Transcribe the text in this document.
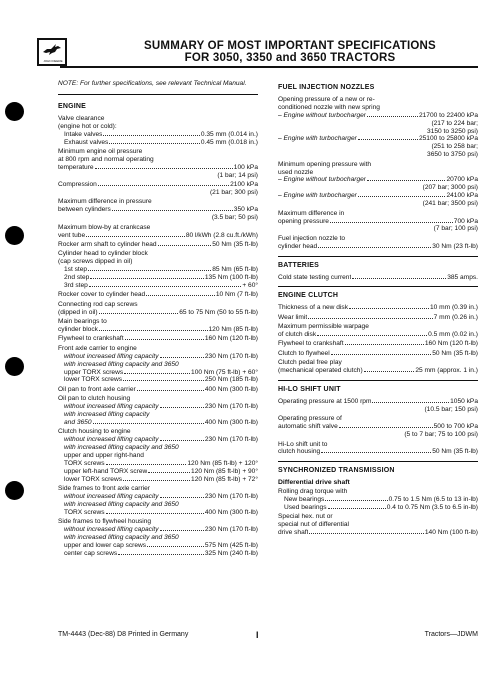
JOHN DEERE
SUMMARY OF MOST IMPORTANT SPECIFICATIONS
FOR 3050, 3350 and 3650 TRACTORS
NOTE: For further specifications, see relevant Technical Manual.
ENGINE
Valve clearance
(engine hot or cold):
Intake valves	0.35 mm (0.014 in.)
Exhaust valves	0.45 mm (0.018 in.)
Minimum engine oil pressure
at 800 rpm and normal operating
temperature	100 kPa
(1 bar; 14 psi)
Compression	2100 kPa
(21 bar; 300 psi)
Maximum difference in pressure
between cylinders	350 kPa
(3.5 bar; 50 psi)
Maximum blow-by at crankcase
vent tube	80 l/kWh (2.8 cu.ft./kWh)
Rocker arm shaft to cylinder head	50 Nm (35 ft-lb)
Cylinder head to cylinder block
(cap screws dipped in oil)
1st step	85 Nm (65 ft-lb)
2nd step	135 Nm (100 ft-lb)
3rd step	+ 60°
Rocker cover to cylinder head	10 Nm (7 ft-lb)
Connecting rod cap screws
(dipped in oil)	65 to 75 Nm (50 to 55 ft-lb)
Main bearings to
cylinder block	120 Nm (85 ft-lb)
Flywheel to crankshaft	160 Nm (120 ft-lb)
Front axle carrier to engine
without increased lifting capacity	230 Nm (170 ft-lb)
with increased lifting capacity and 3650
upper TORX screws	100 Nm (75 ft-lb) + 60°
lower TORX screws	250 Nm (185 ft-lb)
Oil pan to front axle carrier	400 Nm (300 ft-lb)
Oil pan to clutch housing
without increased lifting capacity	230 Nm (170 ft-lb)
with increased lifting capacity
and 3650	400 Nm (300 ft-lb)
Clutch housing to engine
without increased lifting capacity	230 Nm (170 ft-lb)
with increased lifting capacity and 3650
upper and upper right-hand
TORX screws	120 Nm (85 ft-lb) + 120°
upper left-hand TORX screw	120 Nm (85 ft-lb) + 90°
lower TORX screws	120 Nm (85 ft-lb) + 72°
Side frames to front axle carrier
without increased lifting capacity	230 Nm (170 ft-lb)
with increased lifting capacity and 3650
TORX screws	400 Nm (300 ft-lb)
Side frames to flywheel housing
without increased lifting capacity	230 Nm (170 ft-lb)
with increased lifting capacity and 3650
upper and lower cap screws	575 Nm (425 ft-lb)
center cap screws	325 Nm (240 ft-lb)
FUEL INJECTION NOZZLES
Opening pressure of a new or re-
conditioned nozzle with new spring
– Engine without turbocharger	21700 to 22400 kPa
(217 to 224 bar;
3150 to 3250 psi)
– Engine with turbocharger	25100 to 25800 kPa
(251 to 258 bar;
3650 to 3750 psi)
Minimum opening pressure with
used nozzle
– Engine without turbocharger	20700 kPa
(207 bar; 3000 psi)
– Engine with turbocharger	24100 kPa
(241 bar; 3500 psi)
Maximum difference in
opening pressure	700 kPa
(7 bar; 100 psi)
Fuel injection nozzle to
cylinder head	30 Nm (23 ft-lb)
BATTERIES
Cold state testing current	385 amps.
ENGINE CLUTCH
Thickness of a new disk	10 mm (0.39 in.)
Wear limit	7 mm (0.26 in.)
Maximum permissible warpage
of clutch disk	0.5 mm (0.02 in.)
Flywheel to crankshaft	160 Nm (120 ft-lb)
Clutch to flywheel	50 Nm (35 ft-lb)
Clutch pedal free play
(mechanical operated clutch)	25 mm (approx. 1 in.)
HI-LO SHIFT UNIT
Operating pressure at 1500 rpm	1050 kPa
(10.5 bar; 150 psi)
Operating pressure of
automatic shift valve	500 to 700 kPa
(5 to 7 bar; 75 to 100 psi)
Hi-Lo shift unit to
clutch housing	50 Nm (35 ft-lb)
SYNCHRONIZED TRANSMISSION
Differential drive shaft
Rolling drag torque with
New bearings	0.75 to 1.5 Nm (6.5 to 13 in-lb)
Used bearings	0.4 to 0.75 Nm (3.5 to 6.5 in-lb)
Special hex. nut or
special nut of differential
drive shaft	140 Nm (100 ft-lb)
TM-4443 (Dec-88) D8 Printed in Germany	I	Tractors—JDWM
